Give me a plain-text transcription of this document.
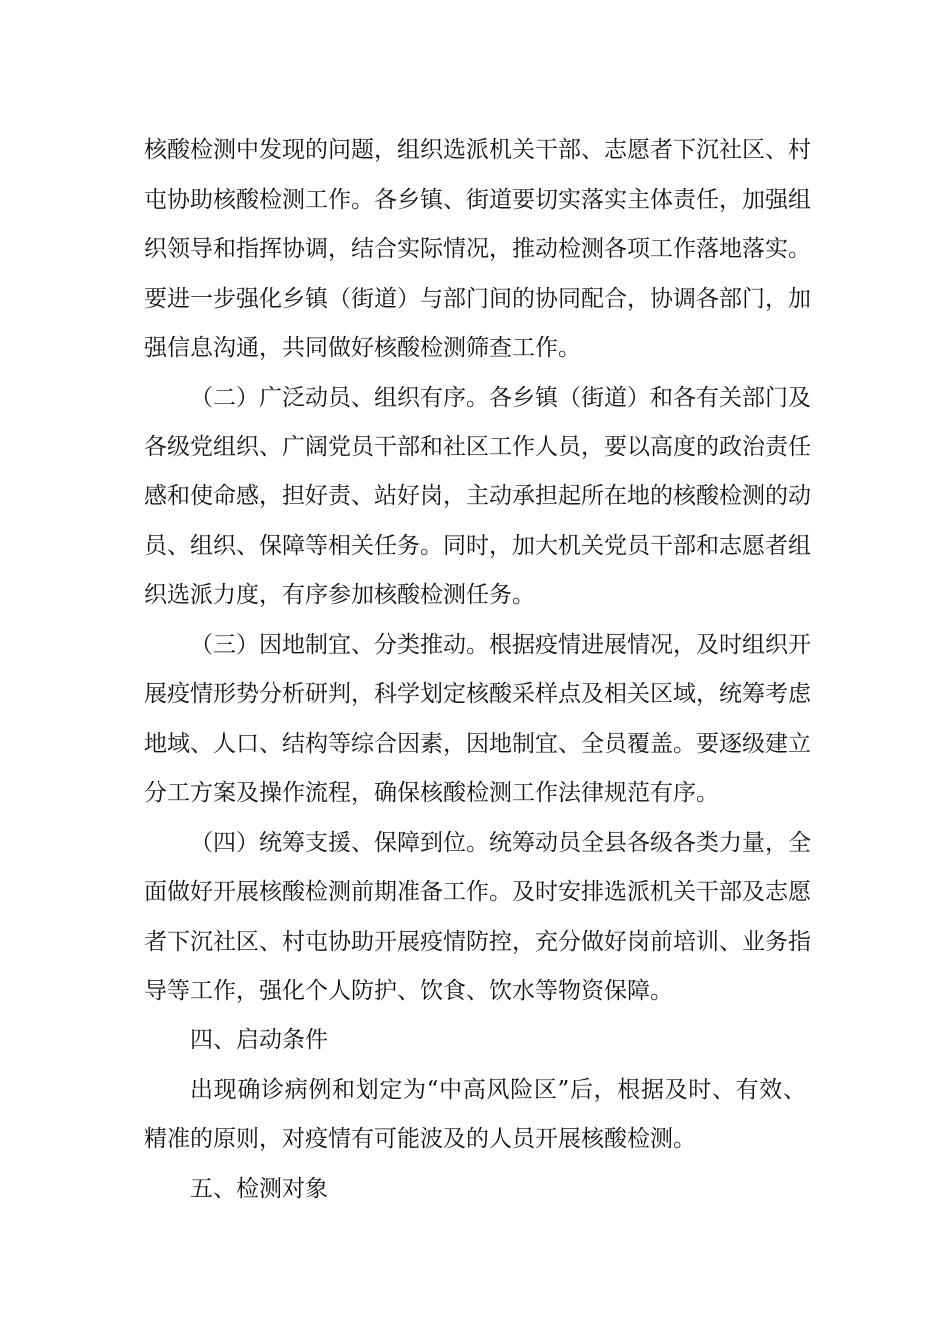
核酸检测中发现的问题，组织选派机关干部、志愿者下沉社区、村
屯协助核酸检测工作。各乡镇、街道要切实落实主体责任，加强组
织领导和指挥协调，结合实际情况，推动检测各项工作落地落实。
要进一步强化乡镇（街道）与部门间的协同配合，协调各部门，加
强信息沟通，共同做好核酸检测筛查工作。
（二）广泛动员、组织有序。各乡镇（街道）和各有关部门及
各级党组织、广阔党员干部和社区工作人员，要以高度的政治责任
感和使命感，担好责、站好岗，主动承担起所在地的核酸检测的动
员、组织、保障等相关任务。同时，加大机关党员干部和志愿者组
织选派力度，有序参加核酸检测任务。
（三）因地制宜、分类推动。根据疫情进展情况，及时组织开
展疫情形势分析研判，科学划定核酸采样点及相关区域，统筹考虑
地域、人口、结构等综合因素，因地制宜、全员覆盖。要逐级建立
分工方案及操作流程，确保核酸检测工作法律规范有序。
（四）统筹支援、保障到位。统筹动员全县各级各类力量，全
面做好开展核酸检测前期准备工作。及时安排选派机关干部及志愿
者下沉社区、村屯协助开展疫情防控，充分做好岗前培训、业务指
导等工作，强化个人防护、饮食、饮水等物资保障。
四、启动条件
出现确诊病例和划定为“中高风险区”后，根据及时、有效、
精准的原则，对疫情有可能波及的人员开展核酸检测。
五、检测对象
